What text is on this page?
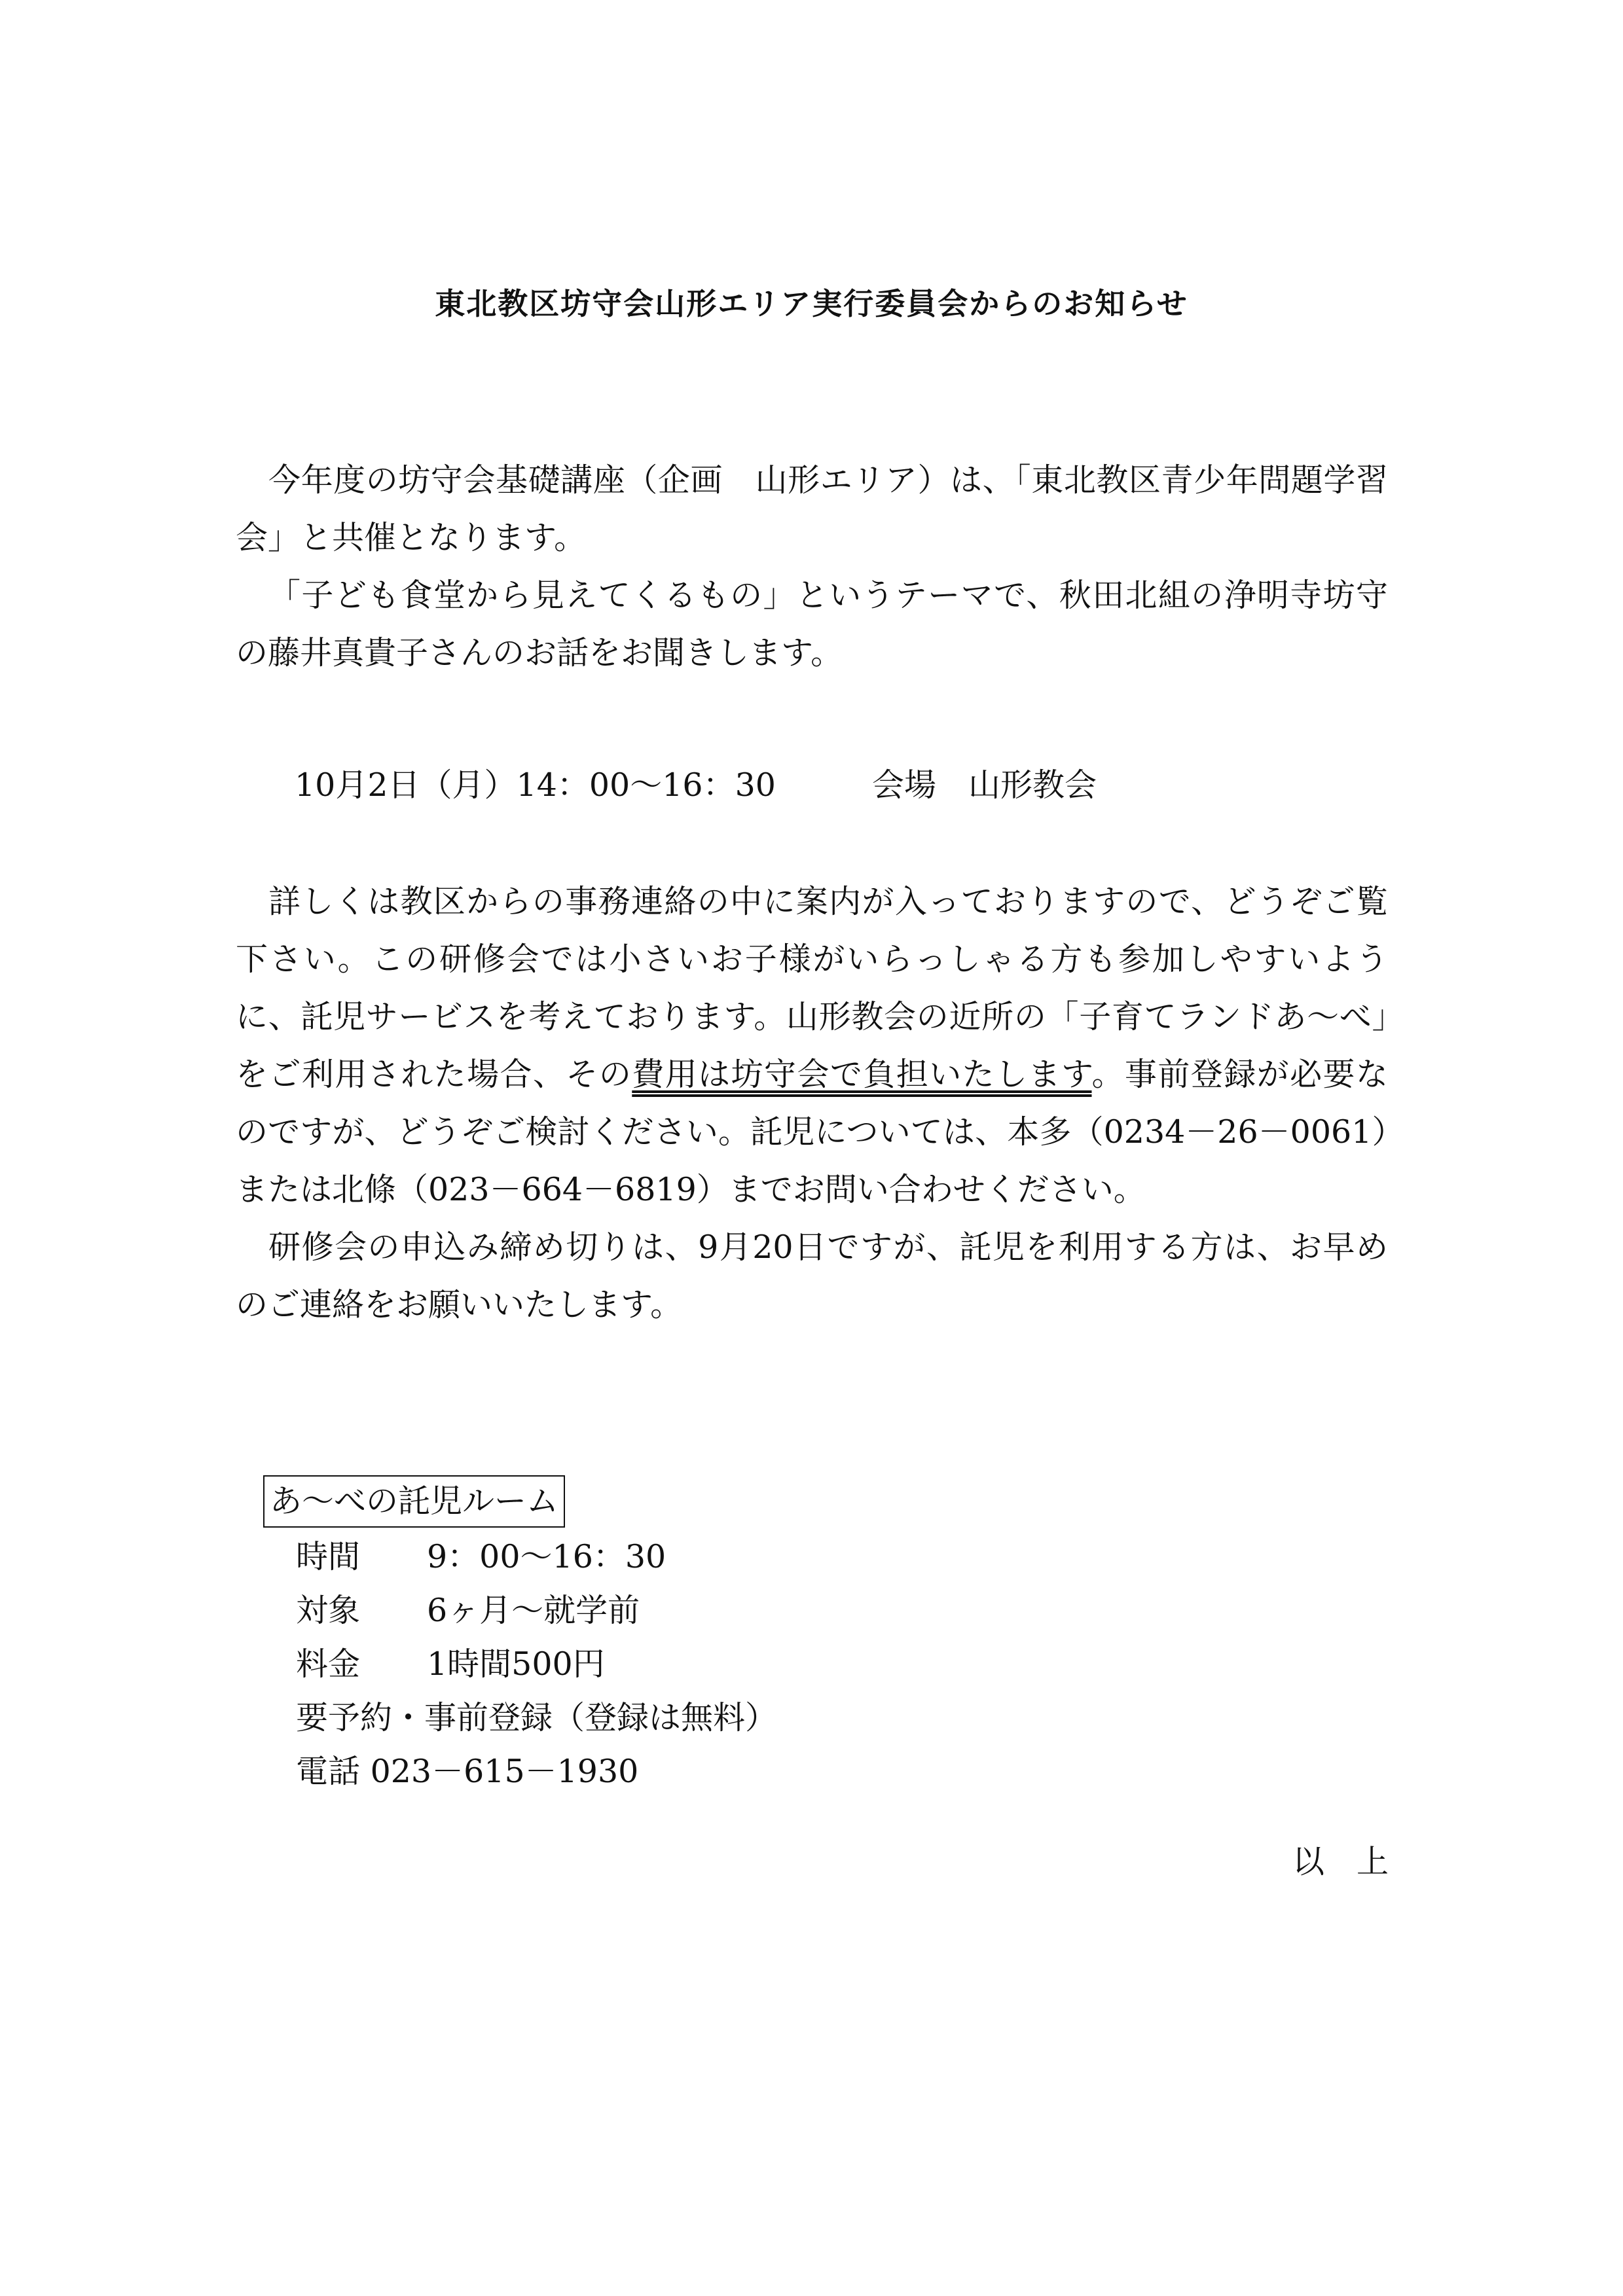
東北教区坊守会山形エリア実行委員会からのお知らせ

今年度の坊守会基礎講座（企画　山形エリア）は、「東北教区青少年問題学習会」と共催となります。

「子ども食堂から見えてくるもの」というテーマで、秋田北組の浄明寺坊守の藤井真貴子さんのお話をお聞きします。

10月2日（月）14：00～16：30　　　	会場　山形教会

詳しくは教区からの事務連絡の中に案内が入っておりますので、どうぞご覧下さい。この研修会では小さいお子様がいらっしゃる方も参加しやすいように、託児サービスを考えております。山形教会の近所の「子育てランドあ～べ」をご利用された場合、その費用は坊守会で負担いたします。事前登録が必要なのですが、どうぞご検討ください。託児については、本多（0234－26－0061）または北條（023－664－6819）までお問い合わせください。

研修会の申込み締め切りは、9月20日ですが、託児を利用する方は、お早めのご連絡をお願いいたします。

あ～べの託児ルーム
時間 9：00～16：30
対象 6ヶ月～就学前
料金 1時間500円
要予約・事前登録（登録は無料）
電話 023－615－1930
以　上
